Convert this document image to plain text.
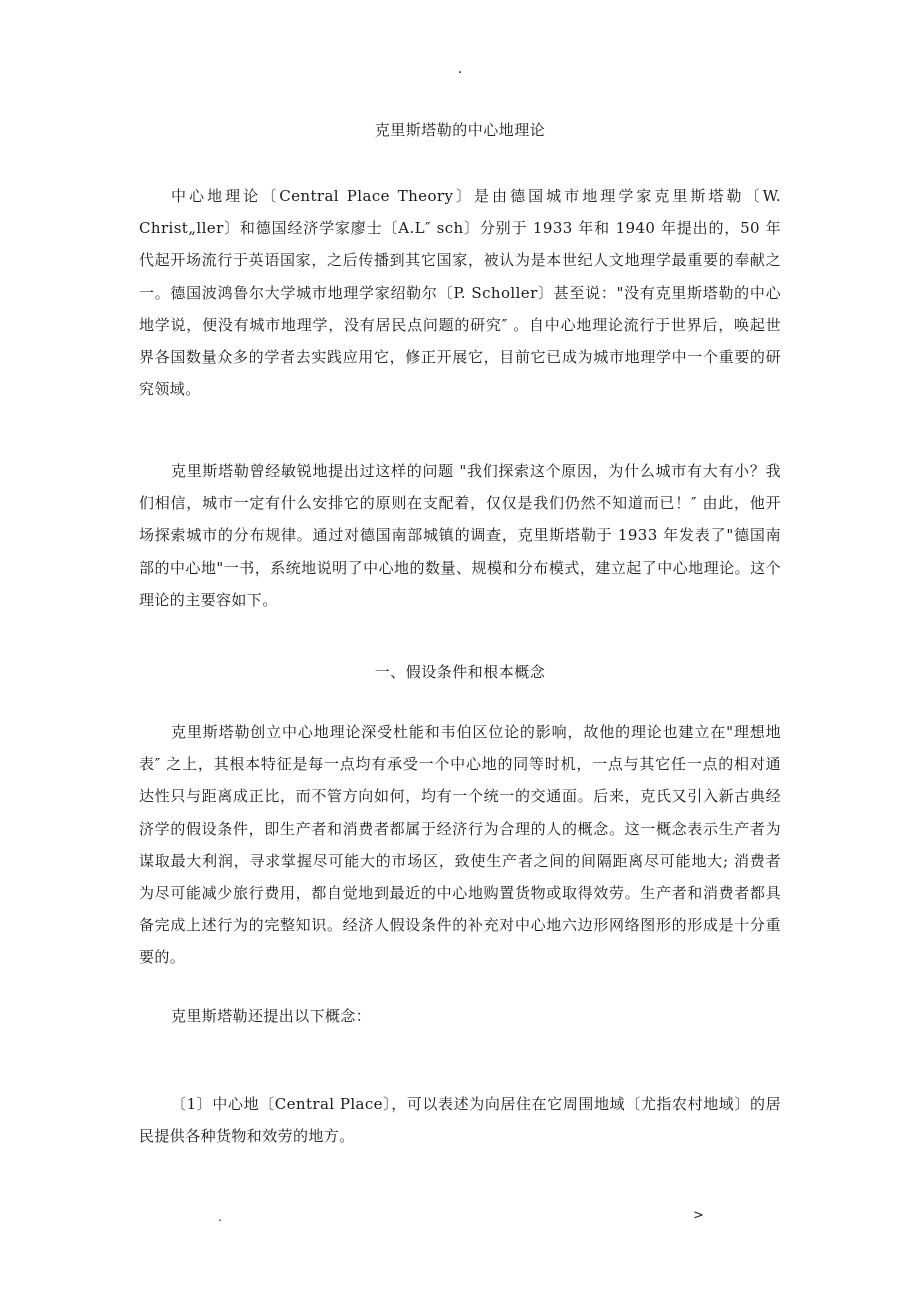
.
克里斯塔勒的中心地理论

中心地理论〔Central Place Theory〕是由德国城市地理学家克里斯塔勒〔W. Christ„ller〕和德国经济学家廖士〔A.L″ sch〕分别于 1933 年和 1940 年提出的，50 年代起开场流行于英语国家，之后传播到其它国家，被认为是本世纪人文地理学最重要的奉献之一。德国波鸿鲁尔大学城市地理学家绍勒尔〔P. Scholler〕甚至说："没有克里斯塔勒的中心地学说，便没有城市地理学，没有居民点问题的研究″ 。自中心地理论流行于世界后，唤起世界各国数量众多的学者去实践应用它，修正开展它，目前它已成为城市地理学中一个重要的研究领域。

克里斯塔勒曾经敏锐地提出过这样的问题 "我们探索这个原因，为什么城市有大有小？我们相信，城市一定有什么安排它的原则在支配着，仅仅是我们仍然不知道而已！″ 由此，他开场探索城市的分布规律。通过对德国南部城镇的调查，克里斯塔勒于 1933 年发表了"德国南部的中心地"一书，系统地说明了中心地的数量、规模和分布模式，建立起了中心地理论。这个理论的主要容如下。

一、假设条件和根本概念

克里斯塔勒创立中心地理论深受杜能和韦伯区位论的影响，故他的理论也建立在"理想地表″ 之上，其根本特征是每一点均有承受一个中心地的同等时机，一点与其它任一点的相对通达性只与距离成正比，而不管方向如何，均有一个统一的交通面。后来，克氏又引入新古典经济学的假设条件，即生产者和消费者都属于经济行为合理的人的概念。这一概念表示生产者为谋取最大利润，寻求掌握尽可能大的市场区，致使生产者之间的间隔距离尽可能地大; 消费者为尽可能减少旅行费用，都自觉地到最近的中心地购置货物或取得效劳。生产者和消费者都具备完成上述行为的完整知识。经济人假设条件的补充对中心地六边形网络图形的形成是十分重要的。

克里斯塔勒还提出以下概念：

〔1〕中心地〔Central Place〕，可以表述为向居住在它周围地域〔尤指农村地域〕的居民提供各种货物和效劳的地方。

.	>
